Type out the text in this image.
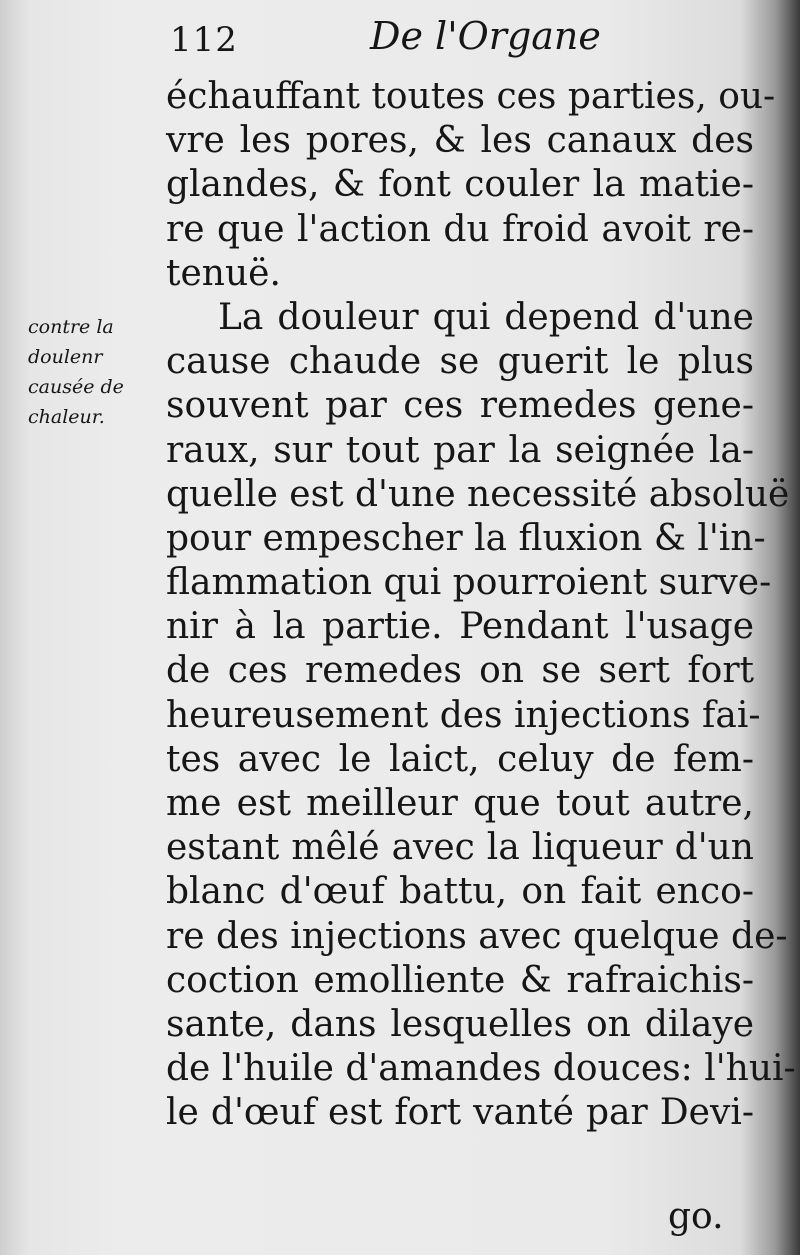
112	De l'Organe
contre la
doulenr
causée de
chaleur.
échauffant toutes ces parties, ou-
vre les pores, & les canaux des
glandes, & font couler la matie-
re que l'action du froid avoit re-
tenuë.
La douleur qui depend d'une
cause chaude se guerit le plus
souvent par ces remedes gene-
raux, sur tout par la seignée la-
quelle est d'une necessité absoluë
pour empescher la fluxion & l'in-
flammation qui pourroient surve-
nir à la partie. Pendant l'usage
de ces remedes on se sert fort
heureusement des injections fai-
tes avec le laict, celuy de fem-
me est meilleur que tout autre,
estant mêlé avec la liqueur d'un
blanc d'œuf battu, on fait enco-
re des injections avec quelque de-
coction emolliente & rafraichis-
sante, dans lesquelles on dilaye
de l'huile d'amandes douces: l'hui-
le d'œuf est fort vanté par Devi-
go.
